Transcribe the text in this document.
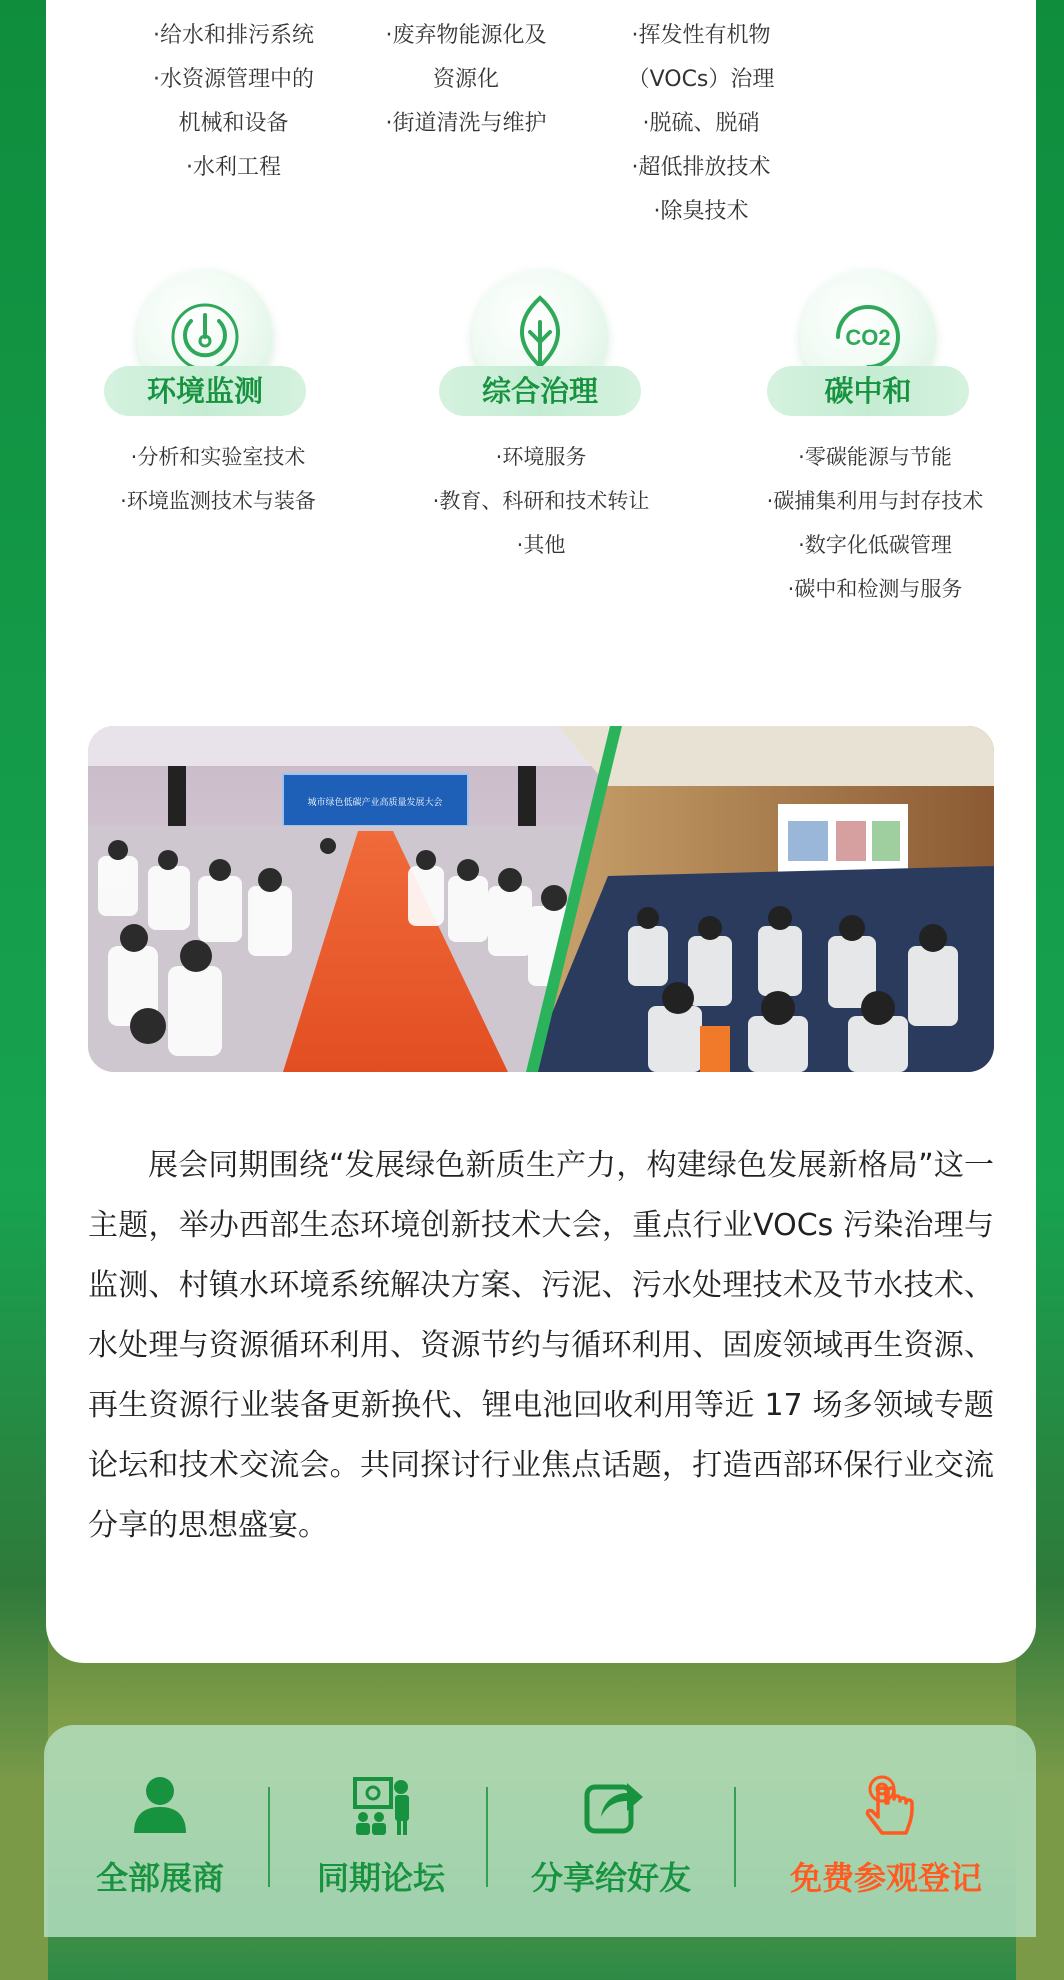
·给水和排污系统
·水资源管理中的
机械和设备
·水利工程
·废弃物能源化及
资源化
·街道清洗与维护
·挥发性有机物
（VOCs）治理
·脱硫、脱硝
·超低排放技术
·除臭技术
环境监测
·分析和实验室技术
·环境监测技术与装备
综合治理
·环境服务
·教育、科研和技术转让
·其他
CO2
碳中和
·零碳能源与节能
·碳捕集利用与封存技术
·数字化低碳管理
·碳中和检测与服务
城市绿色低碳产业高质量发展大会
展会同期围绕“发展绿色新质生产力，构建绿色发展新格局”这一主题，举办西部生态环境创新技术大会，重点行业VOCs 污染治理与监测、村镇水环境系统解决方案、污泥、污水处理技术及节水技术、水处理与资源循环利用、资源节约与循环利用、固废领域再生资源、再生资源行业装备更新换代、锂电池回收利用等近 17 场多领域专题论坛和技术交流会。共同探讨行业焦点话题，打造西部环保行业交流分享的思想盛宴。
全部展商	同期论坛	分享给好友	免费参观登记
